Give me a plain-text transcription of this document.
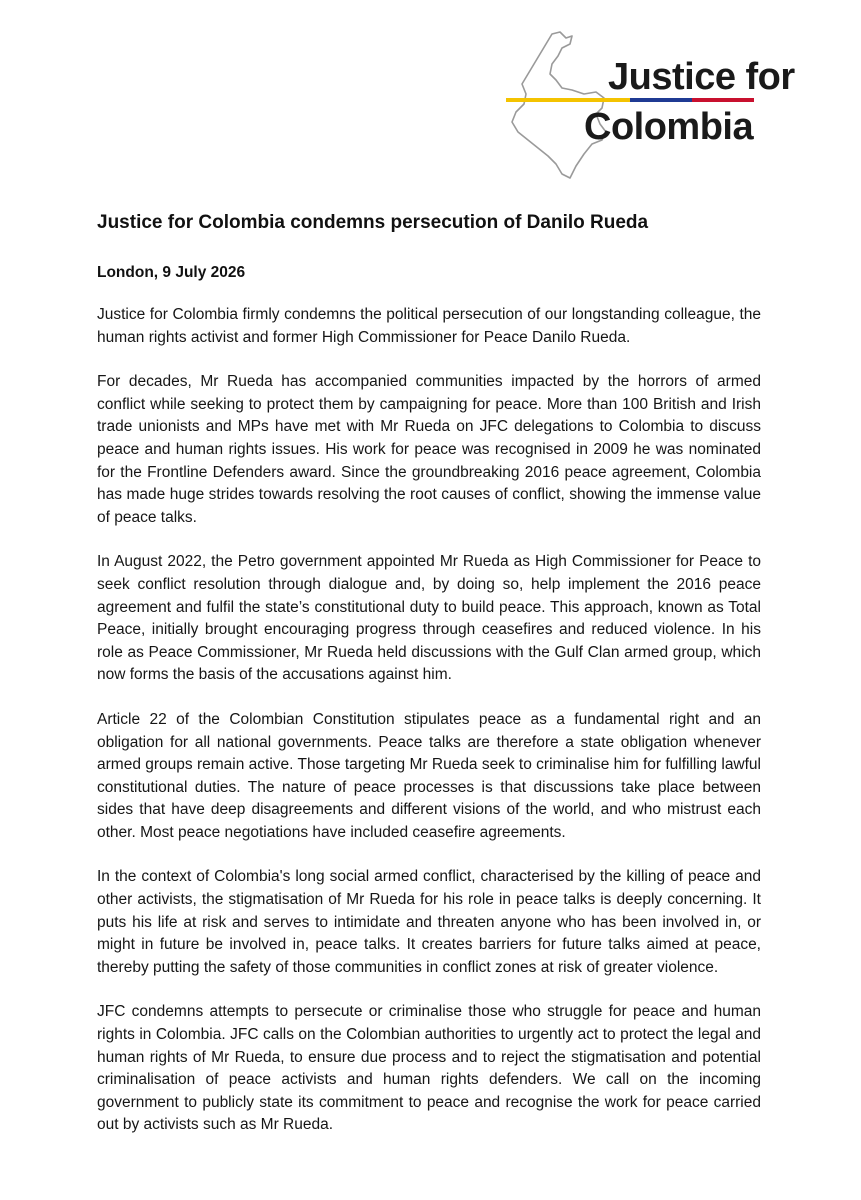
Justice for
Colombia
Justice for Colombia condemns persecution of Danilo Rueda

London, 9 July 2026

Justice for Colombia firmly condemns the political persecution of our longstanding colleague, the human rights activist and former High Commissioner for Peace Danilo Rueda.

For decades, Mr Rueda has accompanied communities impacted by the horrors of armed conflict while seeking to protect them by campaigning for peace. More than 100 British and Irish trade unionists and MPs have met with Mr Rueda on JFC delegations to Colombia to discuss peace and human rights issues. His work for peace was recognised in 2009 he was nominated for the Frontline Defenders award. Since the groundbreaking 2016 peace agreement, Colombia has made huge strides towards resolving the root causes of conflict, showing the immense value of peace talks.

In August 2022, the Petro government appointed Mr Rueda as High Commissioner for Peace to seek conflict resolution through dialogue and, by doing so, help implement the 2016 peace agreement and fulfil the state’s constitutional duty to build peace. This approach, known as Total Peace, initially brought encouraging progress through ceasefires and reduced violence. In his role as Peace Commissioner, Mr Rueda held discussions with the Gulf Clan armed group, which now forms the basis of the accusations against him.

Article 22 of the Colombian Constitution stipulates peace as a fundamental right and an obligation for all national governments. Peace talks are therefore a state obligation whenever armed groups remain active. Those targeting Mr Rueda seek to criminalise him for fulfilling lawful constitutional duties. The nature of peace processes is that discussions take place between sides that have deep disagreements and different visions of the world, and who mistrust each other. Most peace negotiations have included ceasefire agreements.

In the context of Colombia's long social armed conflict, characterised by the killing of peace and other activists, the stigmatisation of Mr Rueda for his role in peace talks is deeply concerning. It puts his life at risk and serves to intimidate and threaten anyone who has been involved in, or might in future be involved in, peace talks. It creates barriers for future talks aimed at peace, thereby putting the safety of those communities in conflict zones at risk of greater violence.

JFC condemns attempts to persecute or criminalise those who struggle for peace and human rights in Colombia. JFC calls on the Colombian authorities to urgently act to protect the legal and human rights of Mr Rueda, to ensure due process and to reject the stigmatisation and potential criminalisation of peace activists and human rights defenders. We call on the incoming government to publicly state its commitment to peace and recognise the work for peace carried out by activists such as Mr Rueda.
